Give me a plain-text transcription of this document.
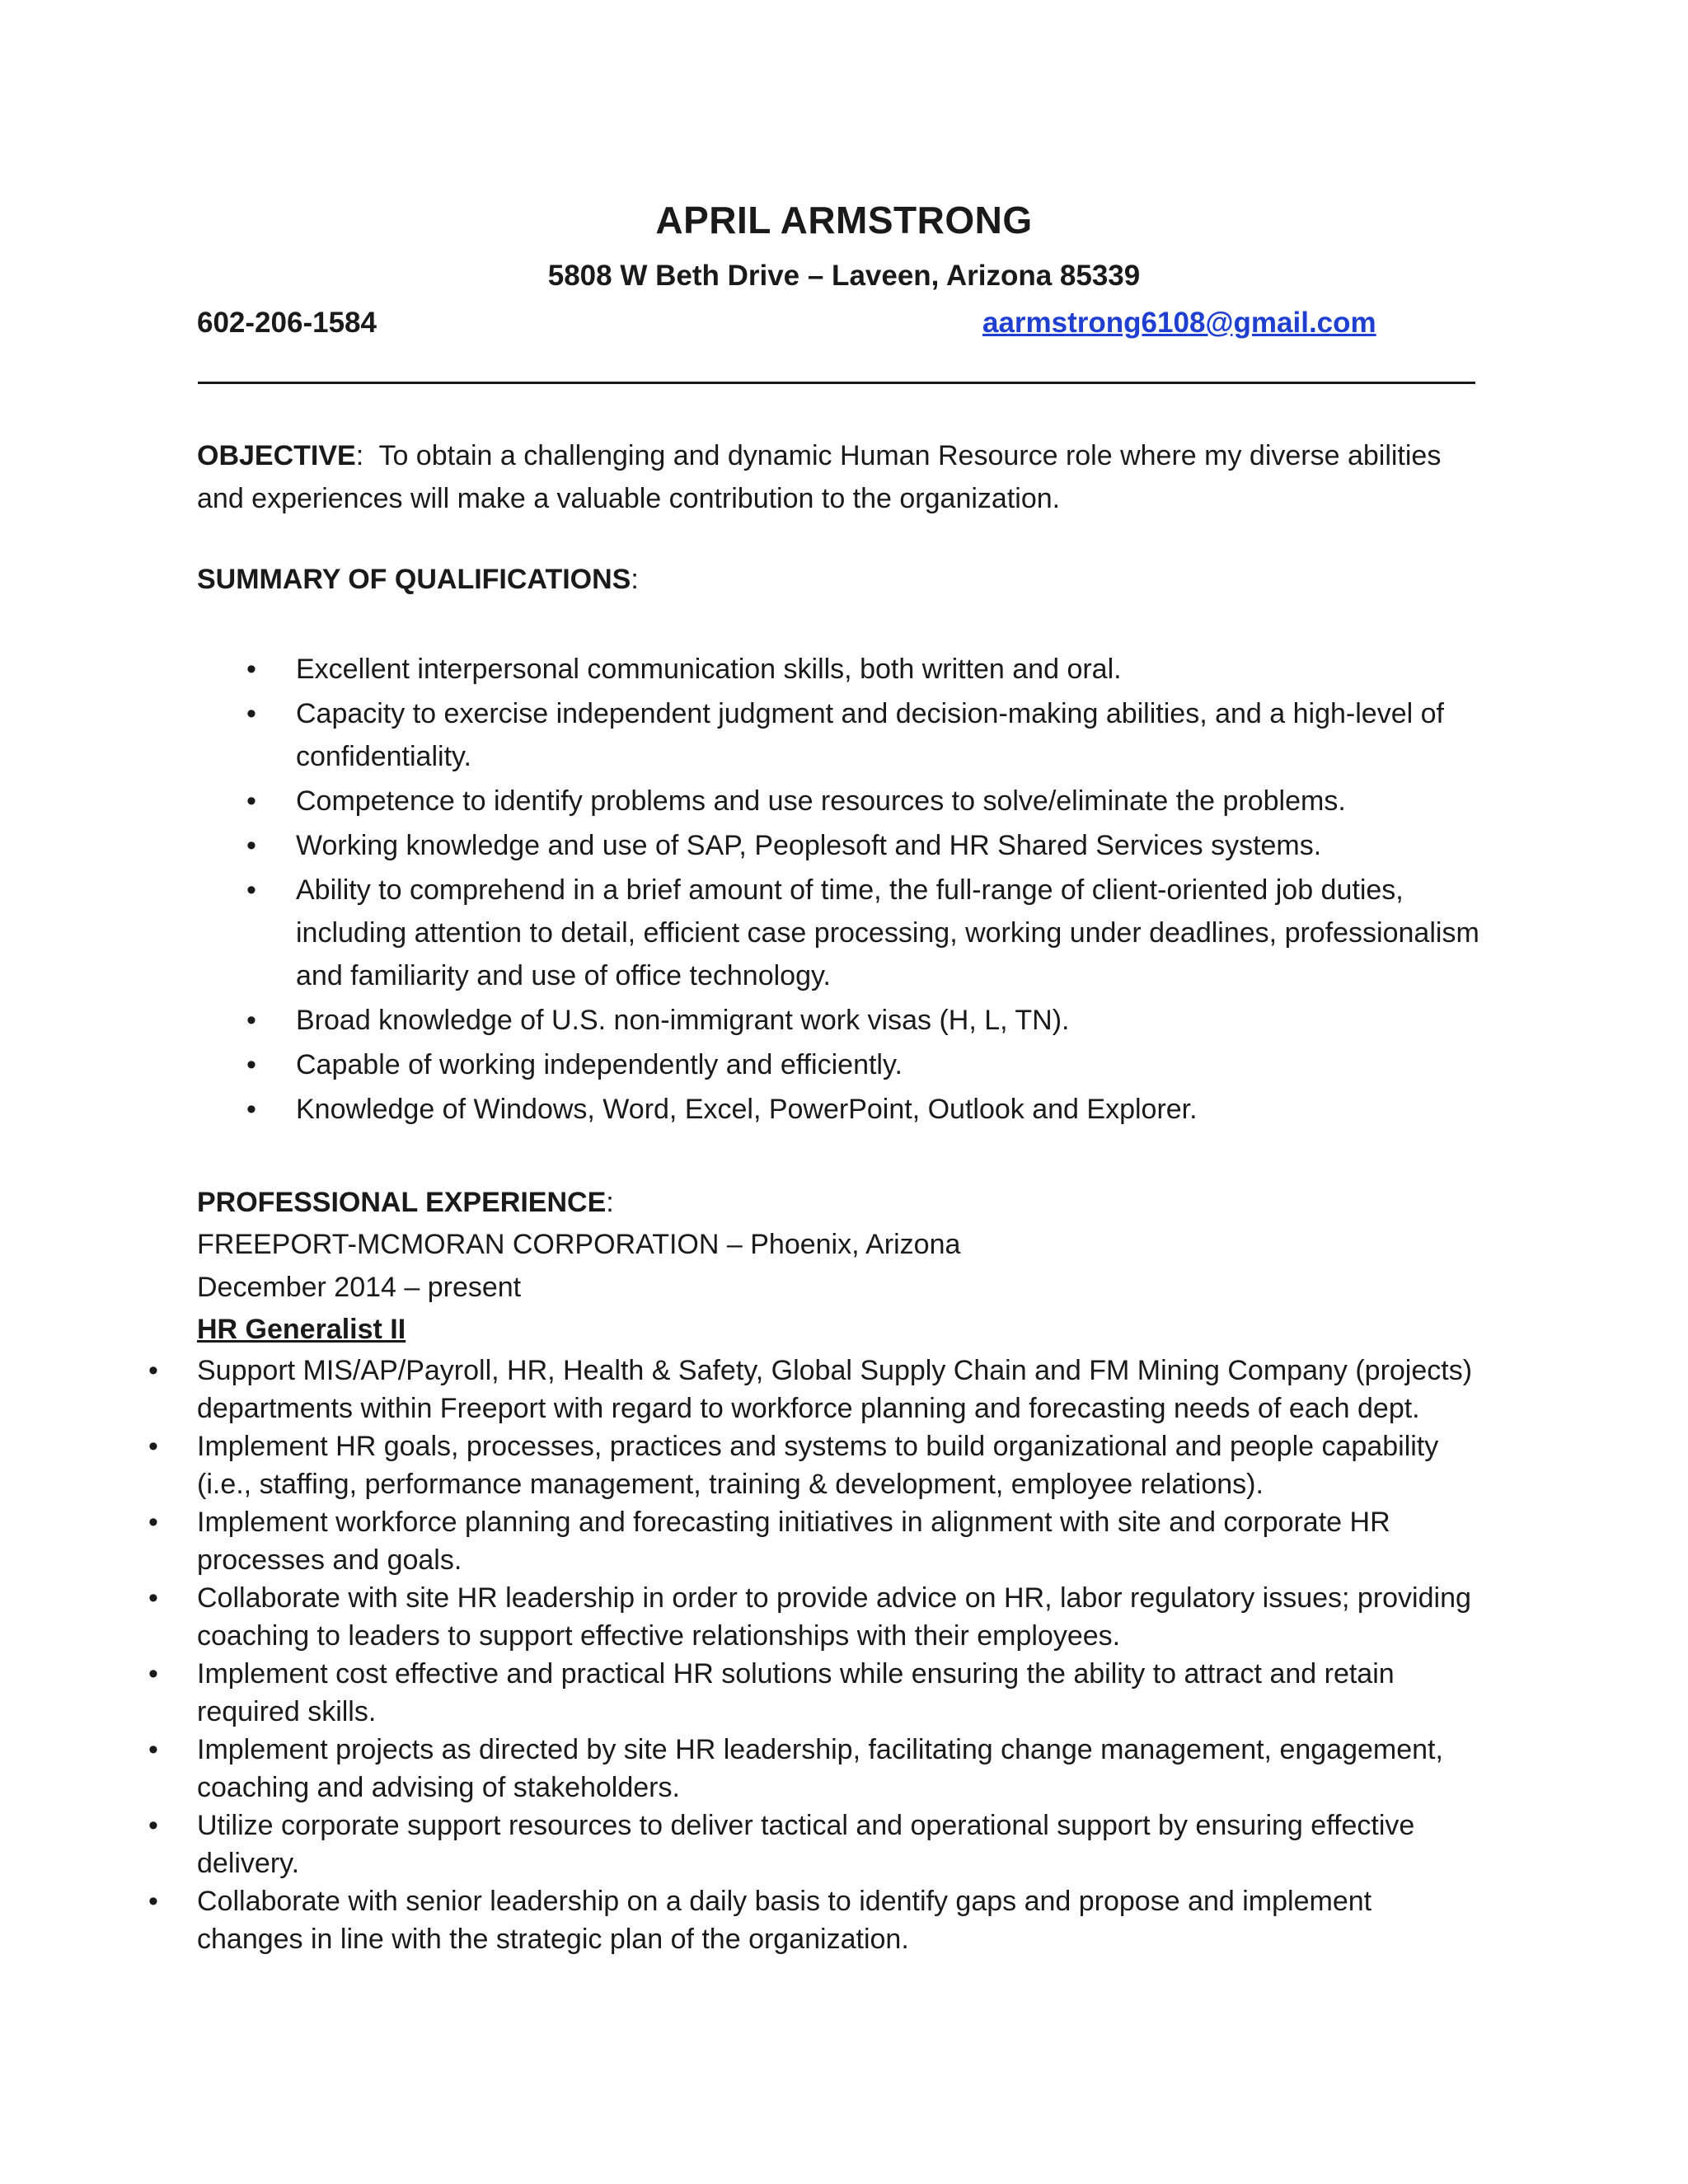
APRIL ARMSTRONG
5808 W Beth Drive – Laveen, Arizona 85339
602-206-1584	aarmstrong6108@gmail.com
OBJECTIVE:  To obtain a challenging and dynamic Human Resource role where my diverse abilities and experiences will make a valuable contribution to the organization.
SUMMARY OF QUALIFICATIONS:
• Excellent interpersonal communication skills, both written and oral.
• Capacity to exercise independent judgment and decision-making abilities, and a high-level of confidentiality.
• Competence to identify problems and use resources to solve/eliminate the problems.
• Working knowledge and use of SAP, Peoplesoft and HR Shared Services systems.
• Ability to comprehend in a brief amount of time, the full-range of client-oriented job duties, including attention to detail, efficient case processing, working under deadlines, professionalism and familiarity and use of office technology.
• Broad knowledge of U.S. non-immigrant work visas (H, L, TN).
• Capable of working independently and efficiently.
• Knowledge of Windows, Word, Excel, PowerPoint, Outlook and Explorer.
PROFESSIONAL EXPERIENCE:
FREEPORT-MCMORAN CORPORATION – Phoenix, Arizona
December 2014 – present
HR Generalist II
• Support MIS/AP/Payroll, HR, Health & Safety, Global Supply Chain and FM Mining Company (projects) departments within Freeport with regard to workforce planning and forecasting needs of each dept.
• Implement HR goals, processes, practices and systems to build organizational and people capability (i.e., staffing, performance management, training & development, employee relations).
• Implement workforce planning and forecasting initiatives in alignment with site and corporate HR processes and goals.
• Collaborate with site HR leadership in order to provide advice on HR, labor regulatory issues; providing coaching to leaders to support effective relationships with their employees.
• Implement cost effective and practical HR solutions while ensuring the ability to attract and retain required skills.
• Implement projects as directed by site HR leadership, facilitating change management, engagement, coaching and advising of stakeholders.
• Utilize corporate support resources to deliver tactical and operational support by ensuring effective delivery.
• Collaborate with senior leadership on a daily basis to identify gaps and propose and implement changes in line with the strategic plan of the organization.
